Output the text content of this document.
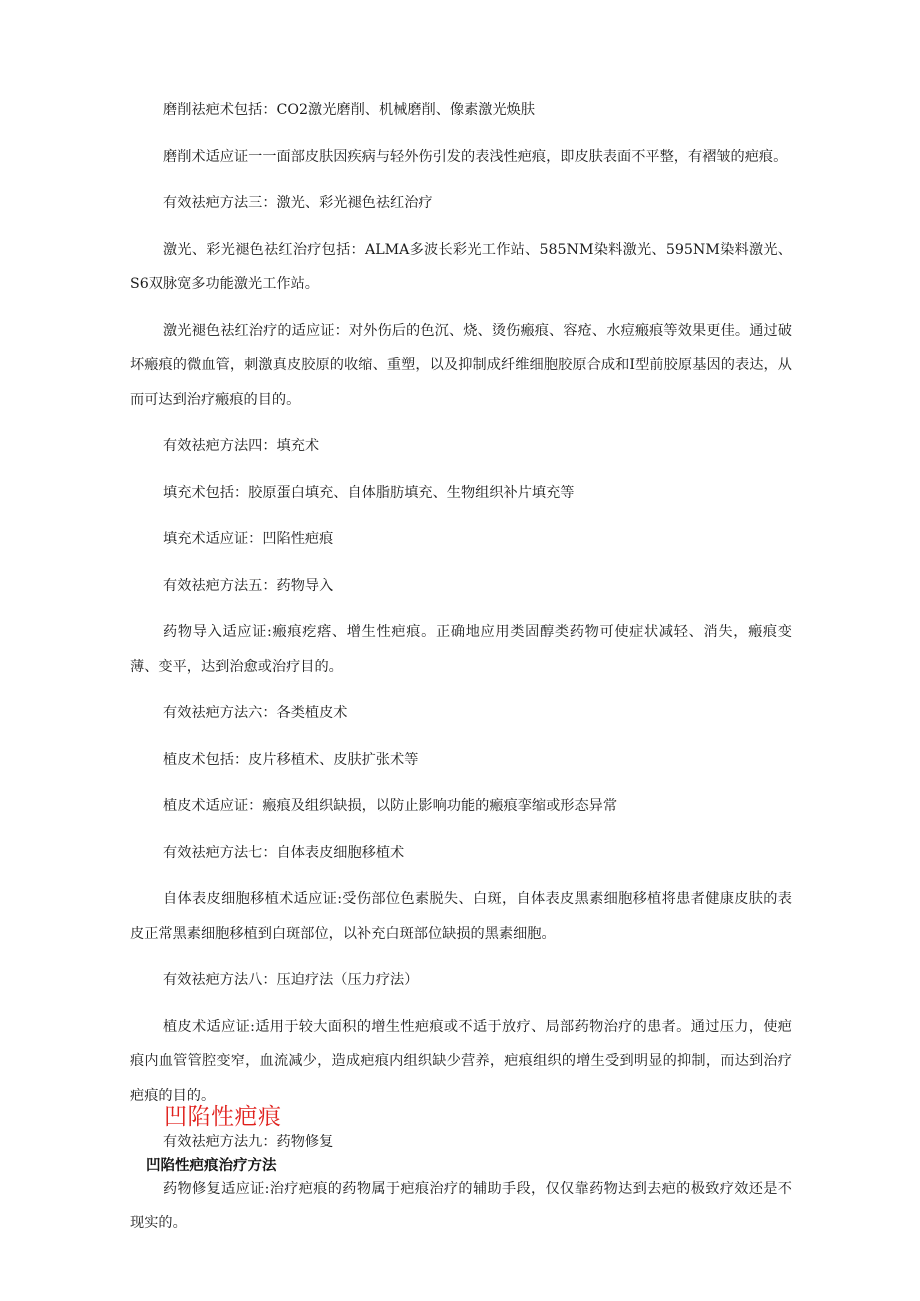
磨削祛疤术包括：CO2激光磨削、机械磨削、像素激光焕肤

磨削术适应证一一面部皮肤因疾病与轻外伤引发的表浅性疤痕，即皮肤表面不平整，有褶皱的疤痕。

有效祛疤方法三：激光、彩光褪色祛红治疗

激光、彩光褪色祛红治疗包括：ALMA多波长彩光工作站、585NM染料激光、595NM染料激光、S6双脉宽多功能激光工作站。

激光褪色祛红治疗的适应证：对外伤后的色沉、烧、烫伤瘢痕、容疮、水痘瘢痕等效果更佳。通过破坏瘢痕的微血管，刺激真皮胶原的收缩、重塑，以及抑制成纤维细胞胶原合成和I型前胶原基因的表达，从而可达到治疗瘢痕的目的。

有效祛疤方法四：填充术

填充术包括：胶原蛋白填充、自体脂肪填充、生物组织补片填充等

填充术适应证：凹陷性疤痕

有效祛疤方法五：药物导入

药物导入适应证:瘢痕疙瘩、增生性疤痕。正确地应用类固醇类药物可使症状减轻、消失，瘢痕变薄、变平，达到治愈或治疗目的。

有效祛疤方法六：各类植皮术

植皮术包括：皮片移植术、皮肤扩张术等

植皮术适应证：瘢痕及组织缺损，以防止影响功能的瘢痕挛缩或形态异常

有效祛疤方法七：自体表皮细胞移植术

自体表皮细胞移植术适应证:受伤部位色素脱失、白斑，自体表皮黑素细胞移植将患者健康皮肤的表皮正常黑素细胞移植到白斑部位，以补充白斑部位缺损的黑素细胞。

有效祛疤方法八：压迫疗法（压力疗法）

植皮术适应证:适用于较大面积的增生性疤痕或不适于放疗、局部药物治疗的患者。通过压力，使疤痕内血管管腔变窄，血流减少，造成疤痕内组织缺少营养，疤痕组织的增生受到明显的抑制，而达到治疗疤痕的目的。

有效祛疤方法九：药物修复

药物修复适应证:治疗疤痕的药物属于疤痕治疗的辅助手段，仅仅靠药物达到去疤的极致疗效还是不现实的。

凹陷性疤痕
凹陷性疤痕治疗方法
